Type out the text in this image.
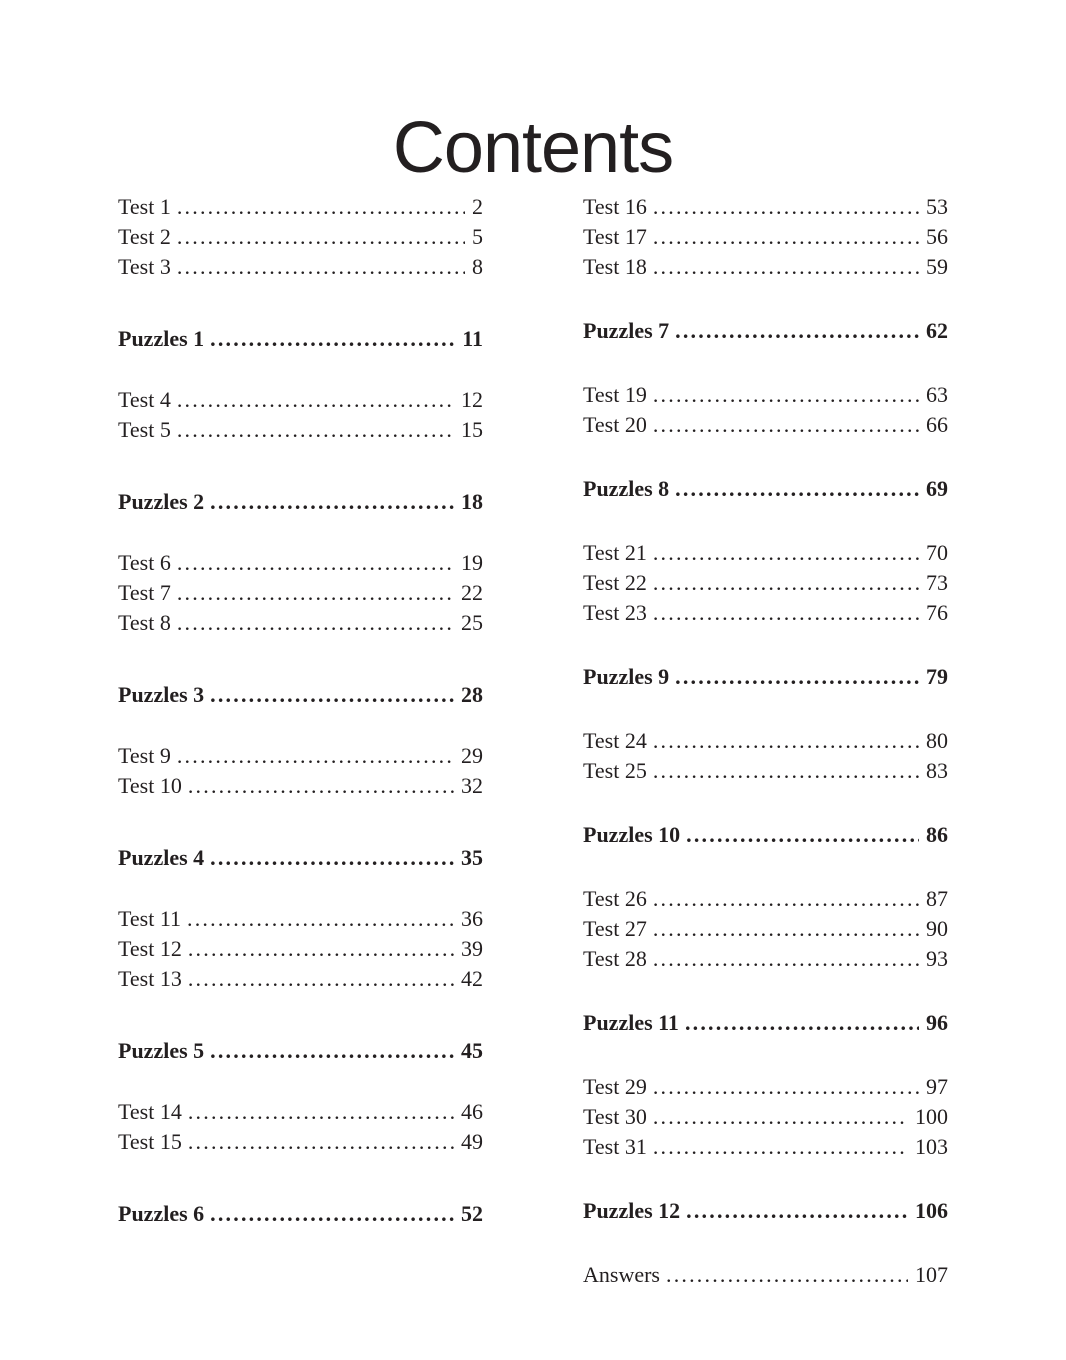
Contents
Test 1 .....	2
Test 2 .....	5
Test 3 .....	8
Puzzles 1 .....	11
Test 4 .....	12
Test 5 .....	15
Puzzles 2 .....	18
Test 6 .....	19
Test 7 .....	22
Test 8 .....	25
Puzzles 3 .....	28
Test 9 .....	29
Test 10 .....	32
Puzzles 4 .....	35
Test 11 .....	36
Test 12 .....	39
Test 13 .....	42
Puzzles 5 .....	45
Test 14 .....	46
Test 15 .....	49
Puzzles 6 .....	52
Test 16 .....	53
Test 17 .....	56
Test 18 .....	59
Puzzles 7 .....	62
Test 19 .....	63
Test 20 .....	66
Puzzles 8 .....	69
Test 21 .....	70
Test 22 .....	73
Test 23 .....	76
Puzzles 9 .....	79
Test 24 .....	80
Test 25 .....	83
Puzzles 10 .....	86
Test 26 .....	87
Test 27 .....	90
Test 28 .....	93
Puzzles 11 .....	96
Test 29 .....	97
Test 30 .....	100
Test 31 .....	103
Puzzles 12 .....	106
Answers .....	107
